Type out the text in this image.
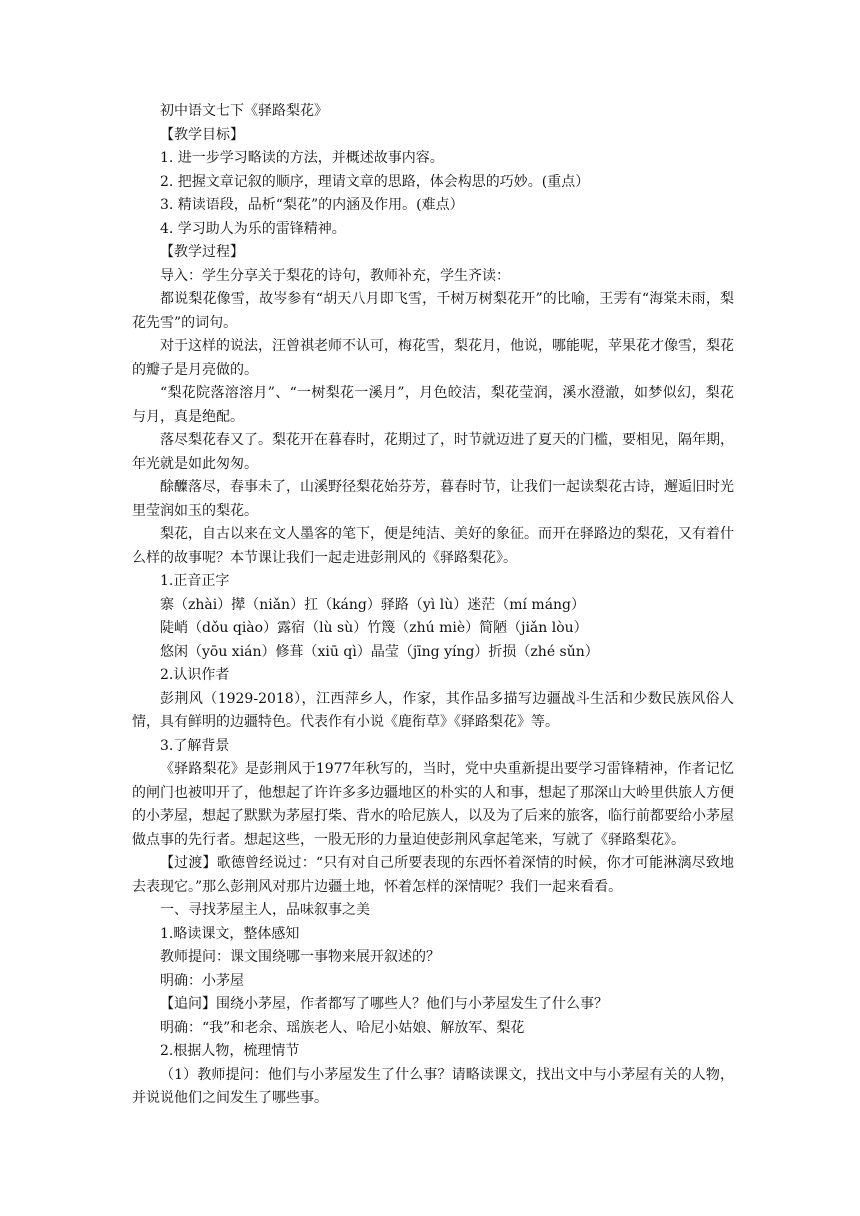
初中语文七下《驿路梨花》

【教学目标】

1. 进一步学习略读的方法，并概述故事内容。

2. 把握文章记叙的顺序，理请文章的思路，体会构思的巧妙。(重点）

3. 精读语段，品析“梨花”的内涵及作用。(难点）

4. 学习助人为乐的雷锋精神。

【教学过程】

导入：学生分享关于梨花的诗句，教师补充，学生齐读：

都说梨花像雪，故岑参有“胡天八月即飞雪，千树万树梨花开”的比喻，王雱有“海棠未雨，梨花先雪”的词句。

对于这样的说法，汪曾祺老师不认可，梅花雪，梨花月，他说，哪能呢，苹果花才像雪，梨花的瓣子是月亮做的。

“梨花院落溶溶月”、“一树梨花一溪月”，月色皎洁，梨花莹润，溪水澄澈，如梦似幻，梨花与月，真是绝配。

落尽梨花春又了。梨花开在暮春时，花期过了，时节就迈进了夏天的门槛，要相见，隔年期，年光就是如此匆匆。

酴醾落尽，春事未了，山溪野径梨花始芬芳，暮春时节，让我们一起读梨花古诗，邂逅旧时光里莹润如玉的梨花。

梨花，自古以来在文人墨客的笔下，便是纯洁、美好的象征。而开在驿路边的梨花，又有着什么样的故事呢？本节课让我们一起走进彭荆风的《驿路梨花》。

1.正音正字

寨（zhài）撵（niǎn）扛（káng）驿路（yì lù）迷茫（mí máng）

陡峭（dǒu qiào）露宿（lù sù）竹篾（zhú miè）简陋（jiǎn lòu）

悠闲（yōu xián）修葺（xiū qì）晶莹（jīng yíng）折损（zhé sǔn）

2.认识作者

彭荆风（1929-2018），江西萍乡人，作家，其作品多描写边疆战斗生活和少数民族风俗人情，具有鲜明的边疆特色。代表作有小说《鹿衔草》《驿路梨花》等。

3.了解背景

《驿路梨花》是彭荆风于1977年秋写的，当时，党中央重新提出要学习雷锋精神，作者记忆的闸门也被叩开了，他想起了许许多多边疆地区的朴实的人和事，想起了那深山大岭里供旅人方便的小茅屋，想起了默默为茅屋打柴、背水的哈尼族人，以及为了后来的旅客，临行前都要给小茅屋做点事的先行者。想起这些，一股无形的力量迫使彭荆风拿起笔来，写就了《驿路梨花》。

【过渡】歌德曾经说过：“只有对自己所要表现的东西怀着深情的时候，你才可能淋漓尽致地去表现它。”那么彭荆风对那片边疆土地，怀着怎样的深情呢？我们一起来看看。

一、寻找茅屋主人，品味叙事之美

1.略读课文，整体感知

教师提问：课文围绕哪一事物来展开叙述的？

明确：小茅屋

【追问】围绕小茅屋，作者都写了哪些人？他们与小茅屋发生了什么事？

明确：“我”和老余、瑶族老人、哈尼小姑娘、解放军、梨花

2.根据人物，梳理情节

（1）教师提问：他们与小茅屋发生了什么事？请略读课文，找出文中与小茅屋有关的人物，并说说他们之间发生了哪些事。
